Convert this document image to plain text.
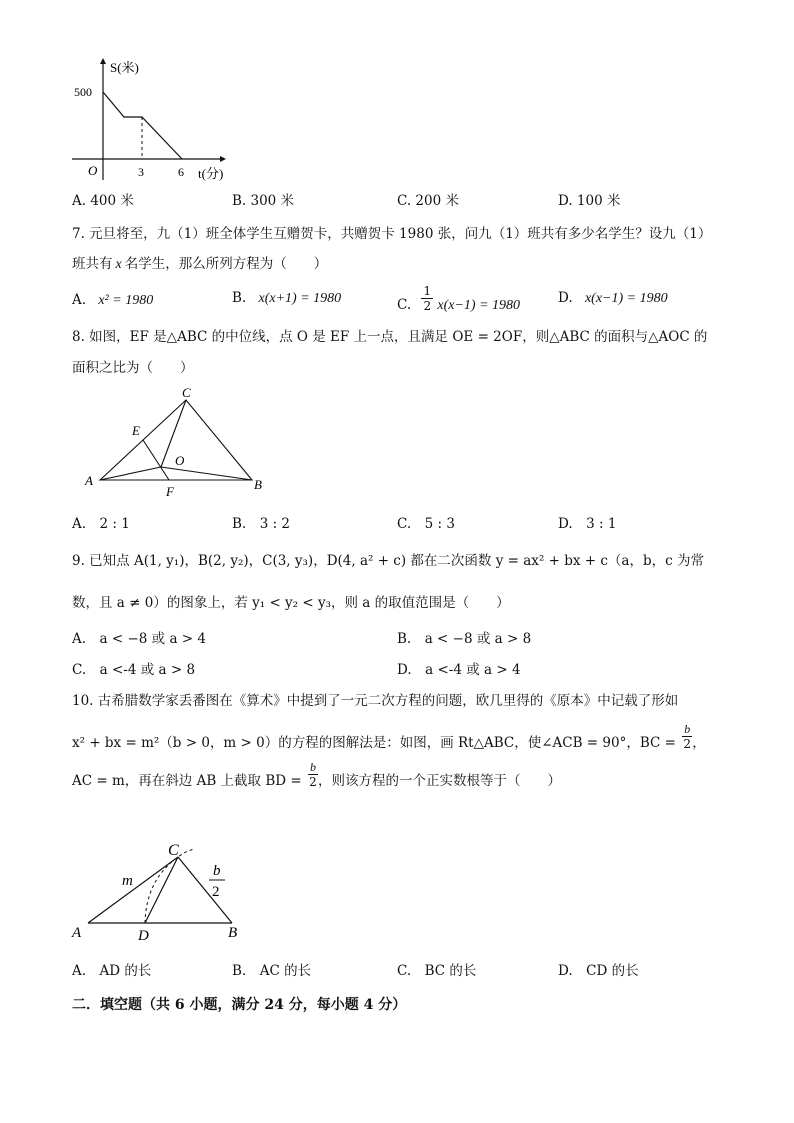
S(米)
500
O	3	6 t(分)
A. 400 米	B. 300 米	C. 200 米	D. 100 米
7. 元旦将至，九（1）班全体学生互赠贺卡，共赠贺卡 1980 张，问九（1）班共有多少名学生？设九（1）
班共有 x 名学生，那么所列方程为（　　）
A. x² = 1980	B. x(x+1) = 1980	C. $\frac{1}{2} x(x-1) = 1980$	D. x(x−1) = 1980
8. 如图，EF 是△ABC 的中位线，点 O 是 EF 上一点，且满足 OE = 2OF，则△ABC 的面积与△AOC 的
面积之比为（　　）
A	B
C
E
F
O
A.　2 : 1	B.　3 : 2	C.　5 : 3	D.　3 : 1
9. 已知点 A(1, y₁)，B(2, y₂)，C(3, y₃)，D(4, a² + c) 都在二次函数 y = ax² + bx + c（a，b，c 为常
数，且 a ≠ 0）的图象上，若 y₁ < y₂ < y₃，则 a 的取值范围是（　　）
A.　a < −8 或 a > 4	B.　a < −8 或 a > 8
C.　a <-4 或 a > 8	D.　a <-4 或 a > 4
10. 古希腊数学家丢番图在《算术》中提到了一元二次方程的问题，欧几里得的《原本》中记载了形如
x² + bx = m²（b > 0，m > 0）的方程的图解法是：如图，画 Rt△ABC，使∠ACB = 90°，BC = $\frac{b}{2}$ ，
AC = m，再在斜边 AB 上截取 BD = $\frac{b}{2}$ ，则该方程的一个正实数根等于（　　）
A	D	B
C
m
b
2
A.　AD 的长	B.　AC 的长	C.　BC 的长	D.　CD 的长
二．填空题（共 6 小题，满分 24 分，每小题 4 分）
